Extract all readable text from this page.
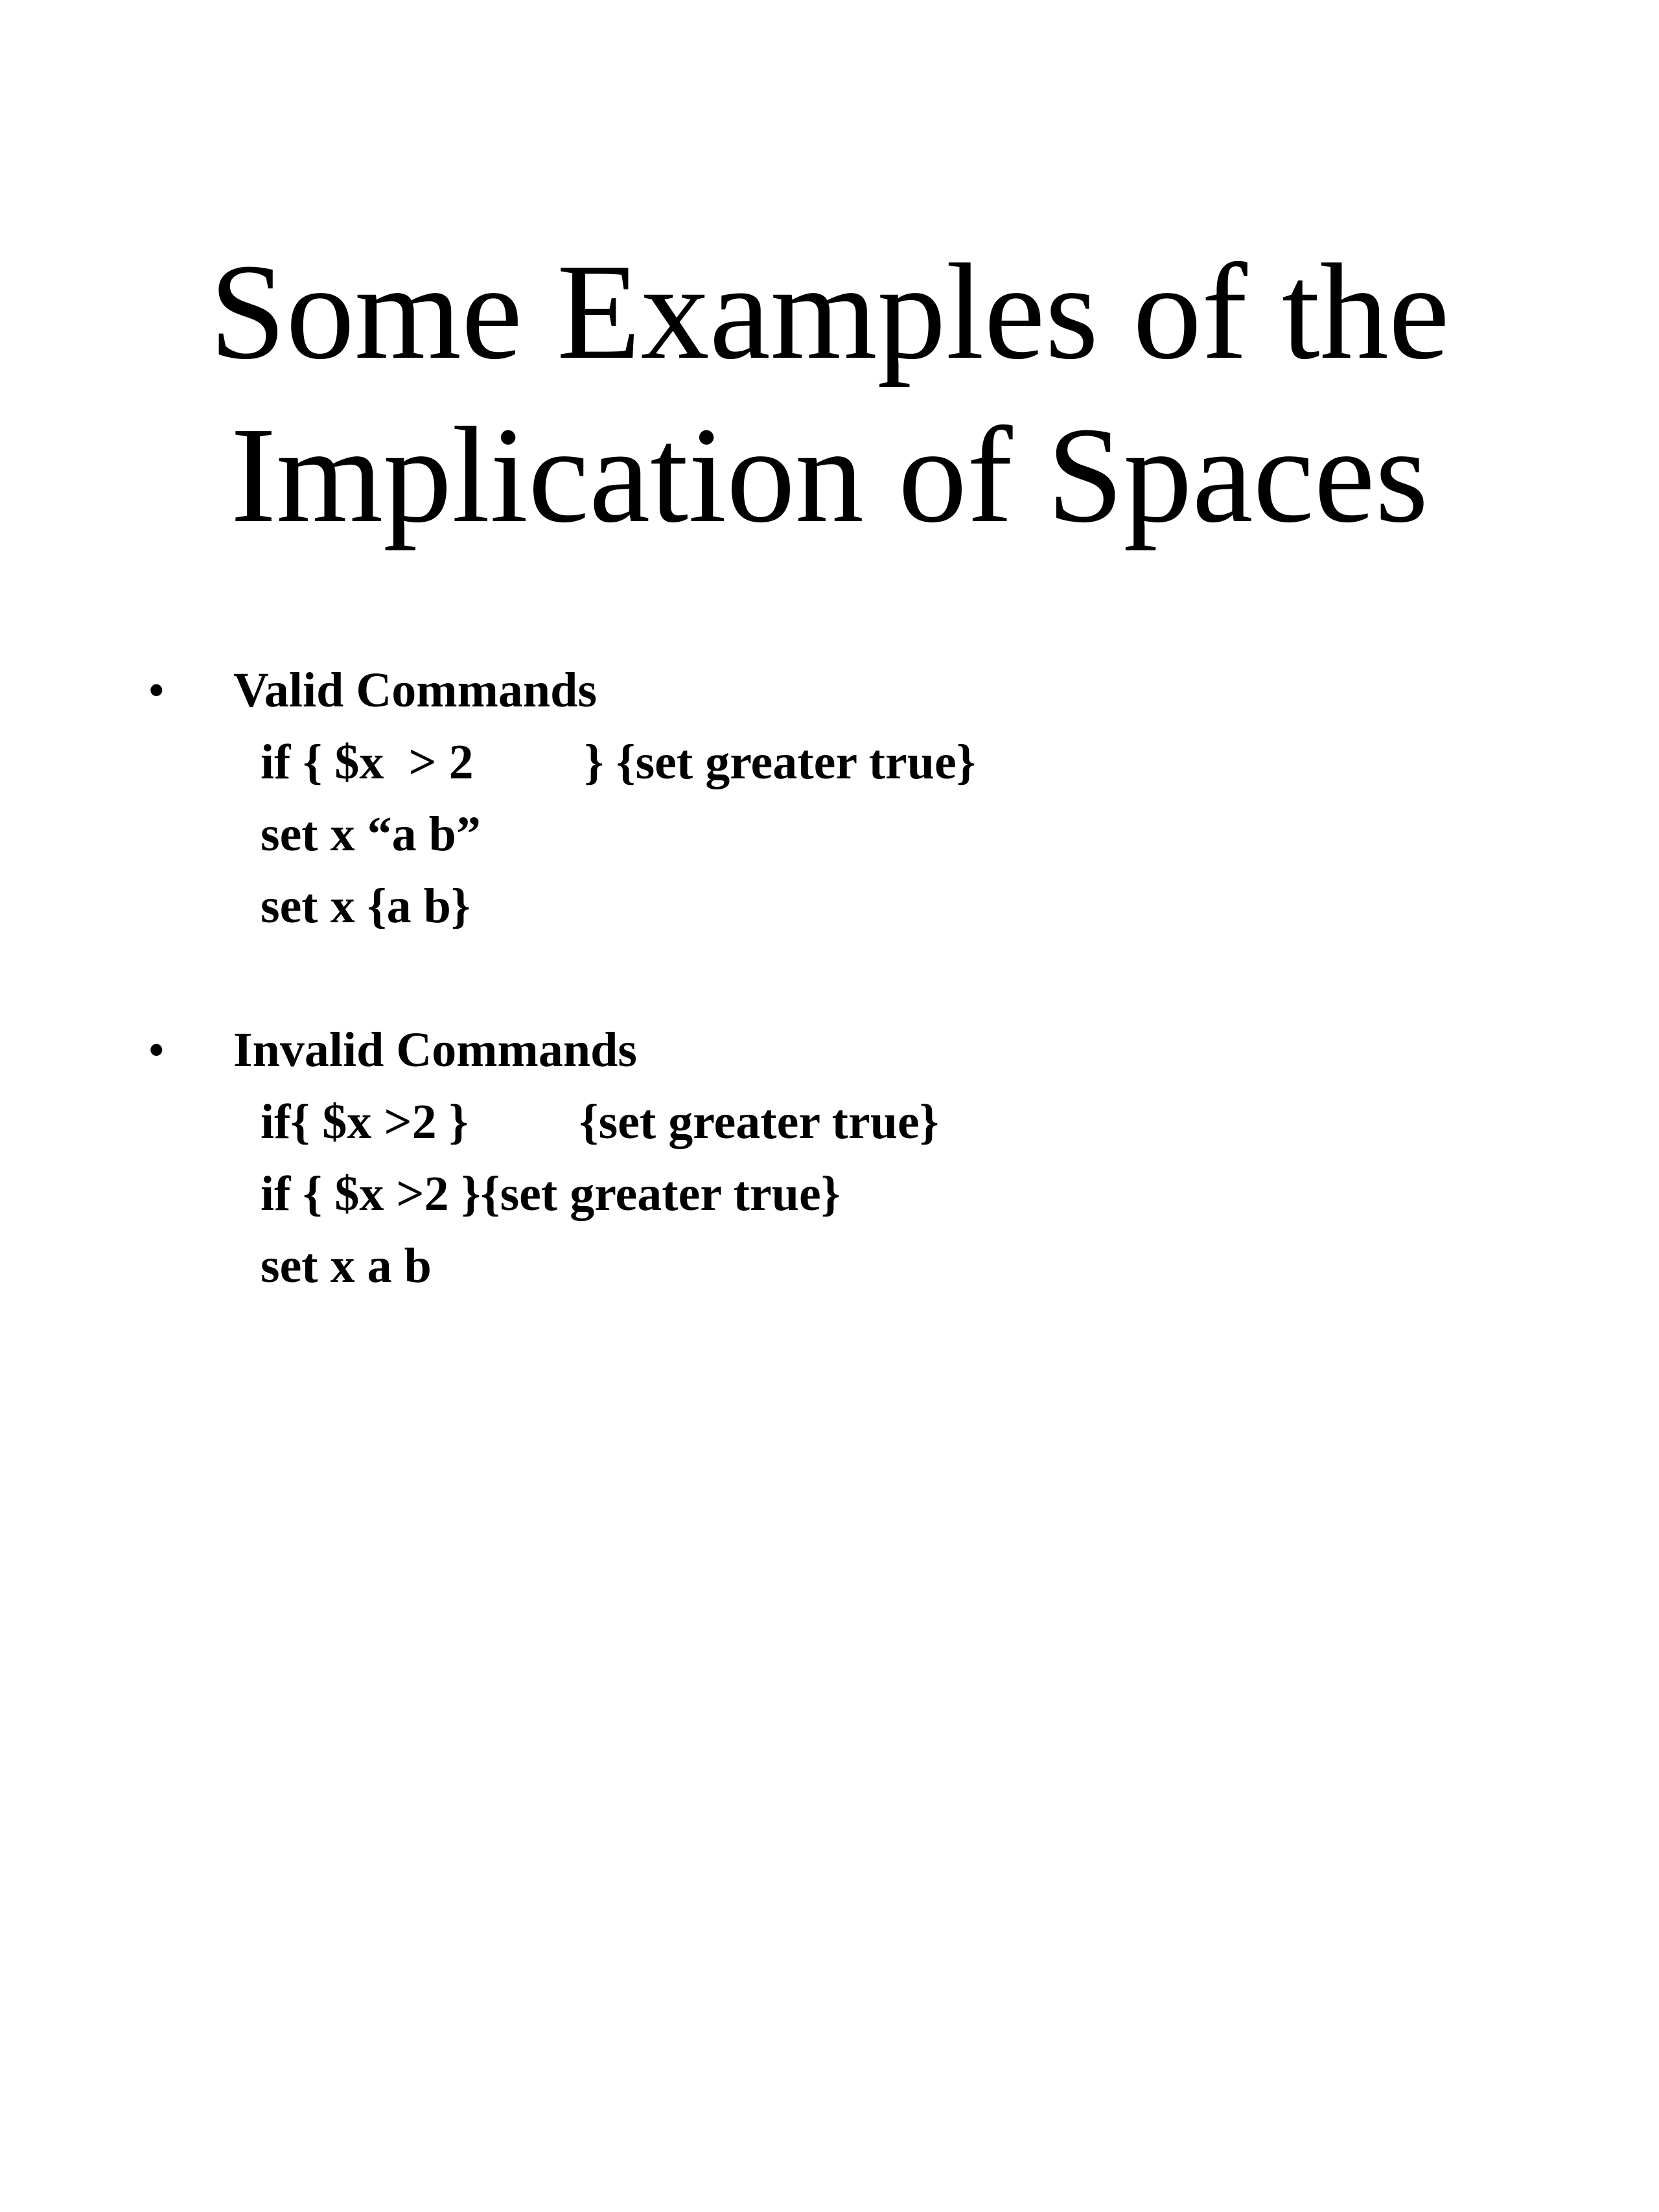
Some Examples of the
Implication of Spaces
• Valid Commands
if { $x  > 2         } {set greater true}
set x “a b”
set x {a b}
• Invalid Commands
if{ $x >2 }         {set greater true}
if { $x >2 }{set greater true}
set x a b
